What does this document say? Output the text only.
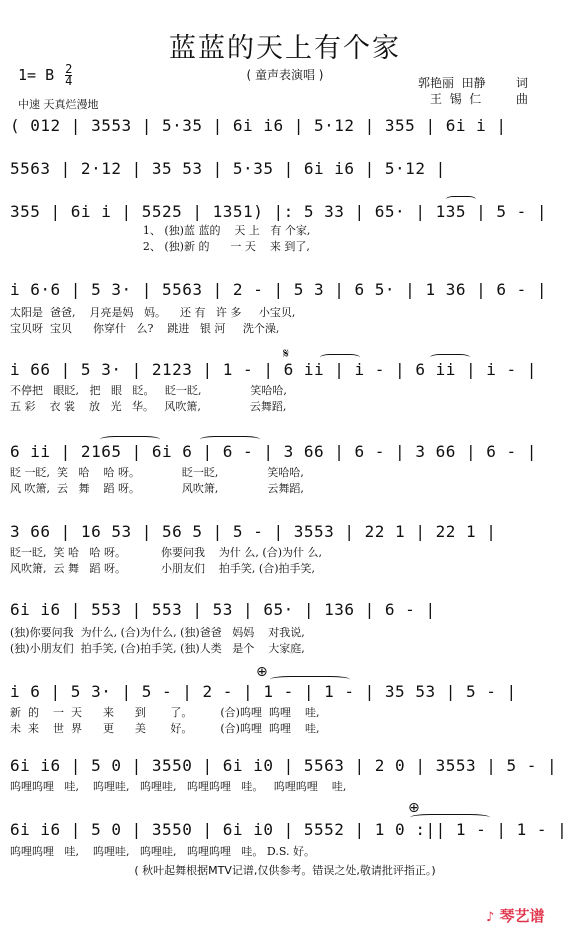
蓝蓝的天上有个家
( 童声表演唱 )
1= B $\frac{2}{4}$
中速 天真烂漫地
郭艳丽  田静	词
王  锡  仁	曲
( 012 | 3553 | 5·35 | 6i i6 | 5·12 | 355 | 6i i |
5563 | 2·12 | 35 53 | 5·35 | 6i i6 | 5·12 |
355 | 6i i | 5525 | 1351) |: 5 33 | 65· | 135 | 5 - |
1、 (独)蓝 蓝的    天 上   有 个家,
2、 (独)新 的      一 天    来 到了,
i 6·6 | 5 3· | 5563 | 2 - | 5 3 | 6 5· | 1 36 | 6 - |
太阳是  爸爸,    月亮是妈   妈。    还 有   许 多     小宝贝,
宝贝呀  宝贝      你穿什   么?    跳进   银 河     洗个澡,
i 66 | 5 3· | 2123 | 1 - | 6 ii | i - | 6 ii | i - |
不停把   眼眨,   把   眼   眨。   眨一眨,              笑哈哈,
五 彩    衣 裳    放   光   华。   风吹箫,              云舞蹈,
6 ii | 2165 | 6i 6 | 6 - | 3 66 | 6 - | 3 66 | 6 - |
眨 一眨,  笑   哈    哈 呀。            眨一眨,              笑哈哈,
风 吹箫,  云   舞    蹈 呀。            风吹箫,              云舞蹈,
3 66 | 16 53 | 56 5 | 5 - | 3553 | 22 1 | 22 1 |
眨一眨,  笑 哈   哈 呀。          你要问我    为什 么, (合)为什 么,
风吹箫,  云 舞   蹈 呀。          小朋友们    拍手笑, (合)拍手笑,
6i i6 | 553 | 553 | 53 | 65· | 136 | 6 - |
(独)你要问我  为什么, (合)为什么, (独)爸爸   妈妈    对我说,
(独)小朋友们  拍手笑, (合)拍手笑, (独)人类   是个    大家庭,
i 6 | 5 3· | 5 - | 2 - | 1 - | 1 - | 35 53 | 5 - |
新  的    一  天      来      到       了。        (合)呜哩  呜哩    哇,
未  来    世  界      更      美       好。        (合)呜哩  呜哩    哇,
6i i6 | 5 0 | 3550 | 6i i0 | 5563 | 2 0 | 3553 | 5 - |
呜哩呜哩   哇,    呜哩哇,   呜哩哇,   呜哩呜哩   哇。   呜哩呜哩    哇,
6i i6 | 5 0 | 3550 | 6i i0 | 5552 | 1 0 :|| 1 - | 1 - |
呜哩呜哩   哇,    呜哩哇,   呜哩哇,   呜哩呜哩   哇。 D.S. 好。
𝄋
⊕
⊕
( 秋叶起舞根据MTV记谱,仅供参考。错误之处,敬请批评指正。)
♪ 琴艺谱
